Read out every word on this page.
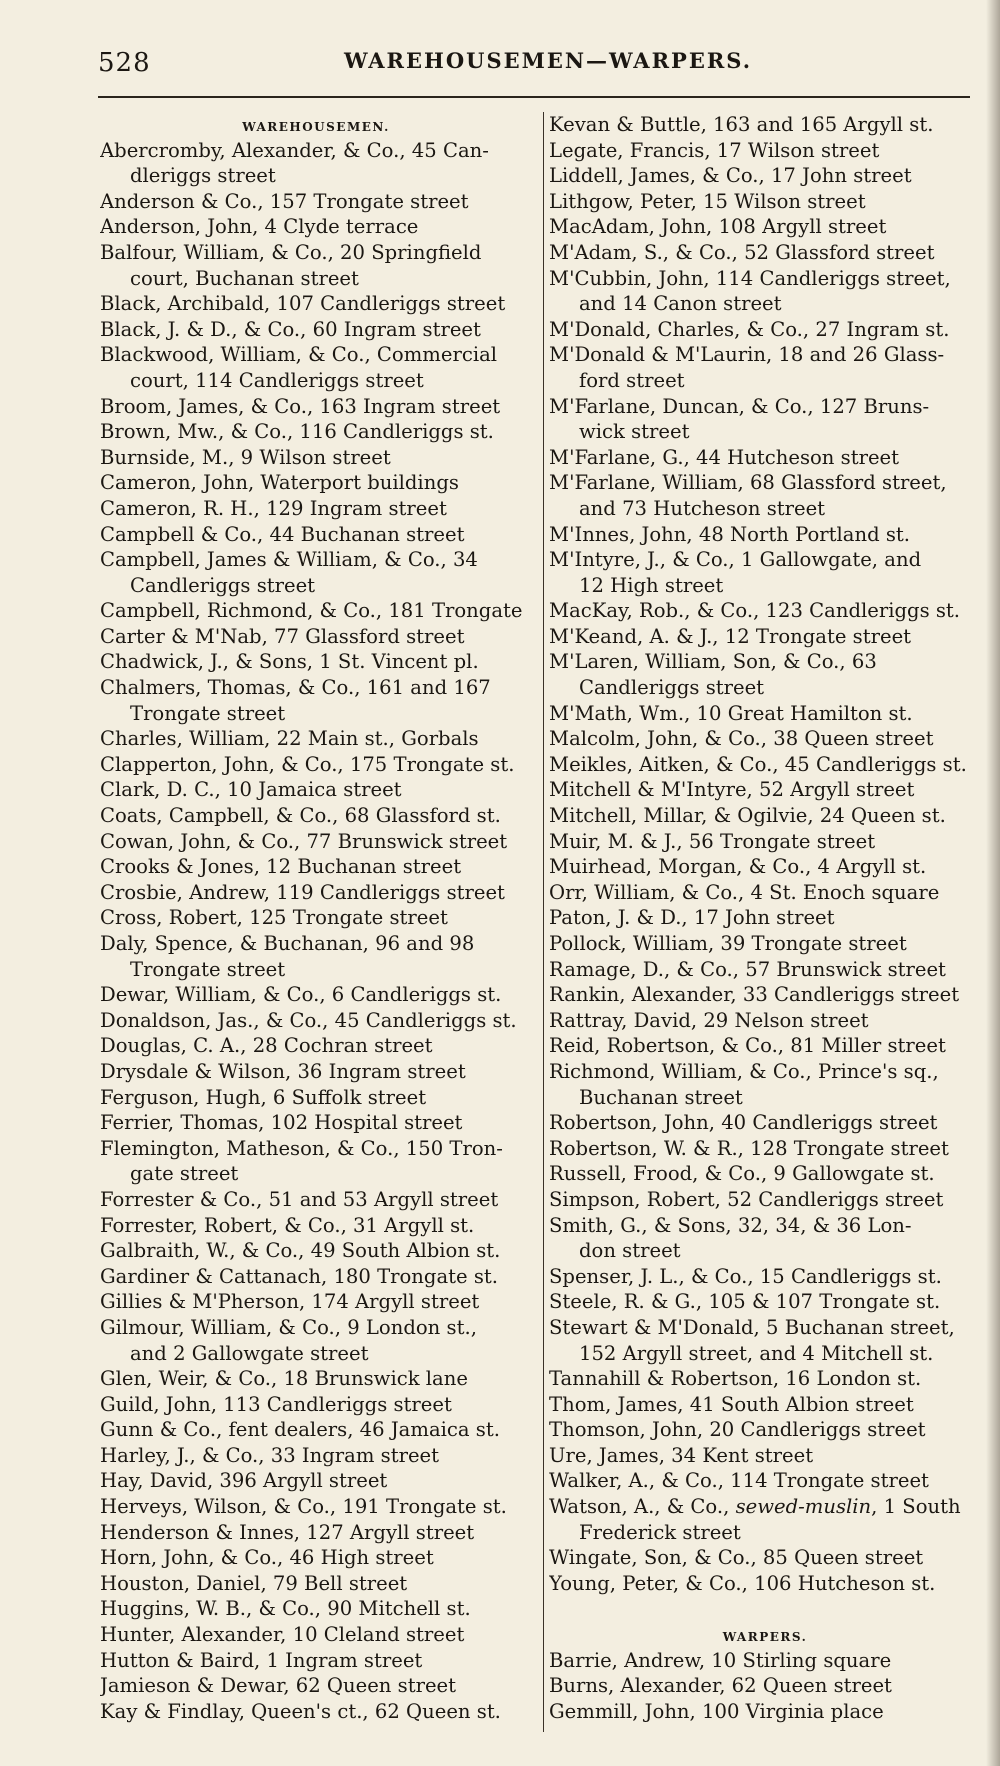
528	WAREHOUSEMEN—WARPERS.
WAREHOUSEMEN.
Abercromby, Alexander, & Co., 45 Can-
dleriggs street
Anderson & Co., 157 Trongate street
Anderson, John, 4 Clyde terrace
Balfour, William, & Co., 20 Springfield
court, Buchanan street
Black, Archibald, 107 Candleriggs street
Black, J. & D., & Co., 60 Ingram street
Blackwood, William, & Co., Commercial
court, 114 Candleriggs street
Broom, James, & Co., 163 Ingram street
Brown, Mw., & Co., 116 Candleriggs st.
Burnside, M., 9 Wilson street
Cameron, John, Waterport buildings
Cameron, R. H., 129 Ingram street
Campbell & Co., 44 Buchanan street
Campbell, James & William, & Co., 34
Candleriggs street
Campbell, Richmond, & Co., 181 Trongate
Carter & M'Nab, 77 Glassford street
Chadwick, J., & Sons, 1 St. Vincent pl.
Chalmers, Thomas, & Co., 161 and 167
Trongate street
Charles, William, 22 Main st., Gorbals
Clapperton, John, & Co., 175 Trongate st.
Clark, D. C., 10 Jamaica street
Coats, Campbell, & Co., 68 Glassford st.
Cowan, John, & Co., 77 Brunswick street
Crooks & Jones, 12 Buchanan street
Crosbie, Andrew, 119 Candleriggs street
Cross, Robert, 125 Trongate street
Daly, Spence, & Buchanan, 96 and 98
Trongate street
Dewar, William, & Co., 6 Candleriggs st.
Donaldson, Jas., & Co., 45 Candleriggs st.
Douglas, C. A., 28 Cochran street
Drysdale & Wilson, 36 Ingram street
Ferguson, Hugh, 6 Suffolk street
Ferrier, Thomas, 102 Hospital street
Flemington, Matheson, & Co., 150 Tron-
gate street
Forrester & Co., 51 and 53 Argyll street
Forrester, Robert, & Co., 31 Argyll st.
Galbraith, W., & Co., 49 South Albion st.
Gardiner & Cattanach, 180 Trongate st.
Gillies & M'Pherson, 174 Argyll street
Gilmour, William, & Co., 9 London st.,
and 2 Gallowgate street
Glen, Weir, & Co., 18 Brunswick lane
Guild, John, 113 Candleriggs street
Gunn & Co., fent dealers, 46 Jamaica st.
Harley, J., & Co., 33 Ingram street
Hay, David, 396 Argyll street
Herveys, Wilson, & Co., 191 Trongate st.
Henderson & Innes, 127 Argyll street
Horn, John, & Co., 46 High street
Houston, Daniel, 79 Bell street
Huggins, W. B., & Co., 90 Mitchell st.
Hunter, Alexander, 10 Cleland street
Hutton & Baird, 1 Ingram street
Jamieson & Dewar, 62 Queen street
Kay & Findlay, Queen's ct., 62 Queen st.
Kevan & Buttle, 163 and 165 Argyll st.
Legate, Francis, 17 Wilson street
Liddell, James, & Co., 17 John street
Lithgow, Peter, 15 Wilson street
MacAdam, John, 108 Argyll street
M'Adam, S., & Co., 52 Glassford street
M'Cubbin, John, 114 Candleriggs street,
and 14 Canon street
M'Donald, Charles, & Co., 27 Ingram st.
M'Donald & M'Laurin, 18 and 26 Glass-
ford street
M'Farlane, Duncan, & Co., 127 Bruns-
wick street
M'Farlane, G., 44 Hutcheson street
M'Farlane, William, 68 Glassford street,
and 73 Hutcheson street
M'Innes, John, 48 North Portland st.
M'Intyre, J., & Co., 1 Gallowgate, and
12 High street
MacKay, Rob., & Co., 123 Candleriggs st.
M'Keand, A. & J., 12 Trongate street
M'Laren, William, Son, & Co., 63
Candleriggs street
M'Math, Wm., 10 Great Hamilton st.
Malcolm, John, & Co., 38 Queen street
Meikles, Aitken, & Co., 45 Candleriggs st.
Mitchell & M'Intyre, 52 Argyll street
Mitchell, Millar, & Ogilvie, 24 Queen st.
Muir, M. & J., 56 Trongate street
Muirhead, Morgan, & Co., 4 Argyll st.
Orr, William, & Co., 4 St. Enoch square
Paton, J. & D., 17 John street
Pollock, William, 39 Trongate street
Ramage, D., & Co., 57 Brunswick street
Rankin, Alexander, 33 Candleriggs street
Rattray, David, 29 Nelson street
Reid, Robertson, & Co., 81 Miller street
Richmond, William, & Co., Prince's sq.,
Buchanan street
Robertson, John, 40 Candleriggs street
Robertson, W. & R., 128 Trongate street
Russell, Frood, & Co., 9 Gallowgate st.
Simpson, Robert, 52 Candleriggs street
Smith, G., & Sons, 32, 34, & 36 Lon-
don street
Spenser, J. L., & Co., 15 Candleriggs st.
Steele, R. & G., 105 & 107 Trongate st.
Stewart & M'Donald, 5 Buchanan street,
152 Argyll street, and 4 Mitchell st.
Tannahill & Robertson, 16 London st.
Thom, James, 41 South Albion street
Thomson, John, 20 Candleriggs street
Ure, James, 34 Kent street
Walker, A., & Co., 114 Trongate street
Watson, A., & Co., sewed-muslin, 1 South
Frederick street
Wingate, Son, & Co., 85 Queen street
Young, Peter, & Co., 106 Hutcheson st.
WARPERS.
Barrie, Andrew, 10 Stirling square
Burns, Alexander, 62 Queen street
Gemmill, John, 100 Virginia place
